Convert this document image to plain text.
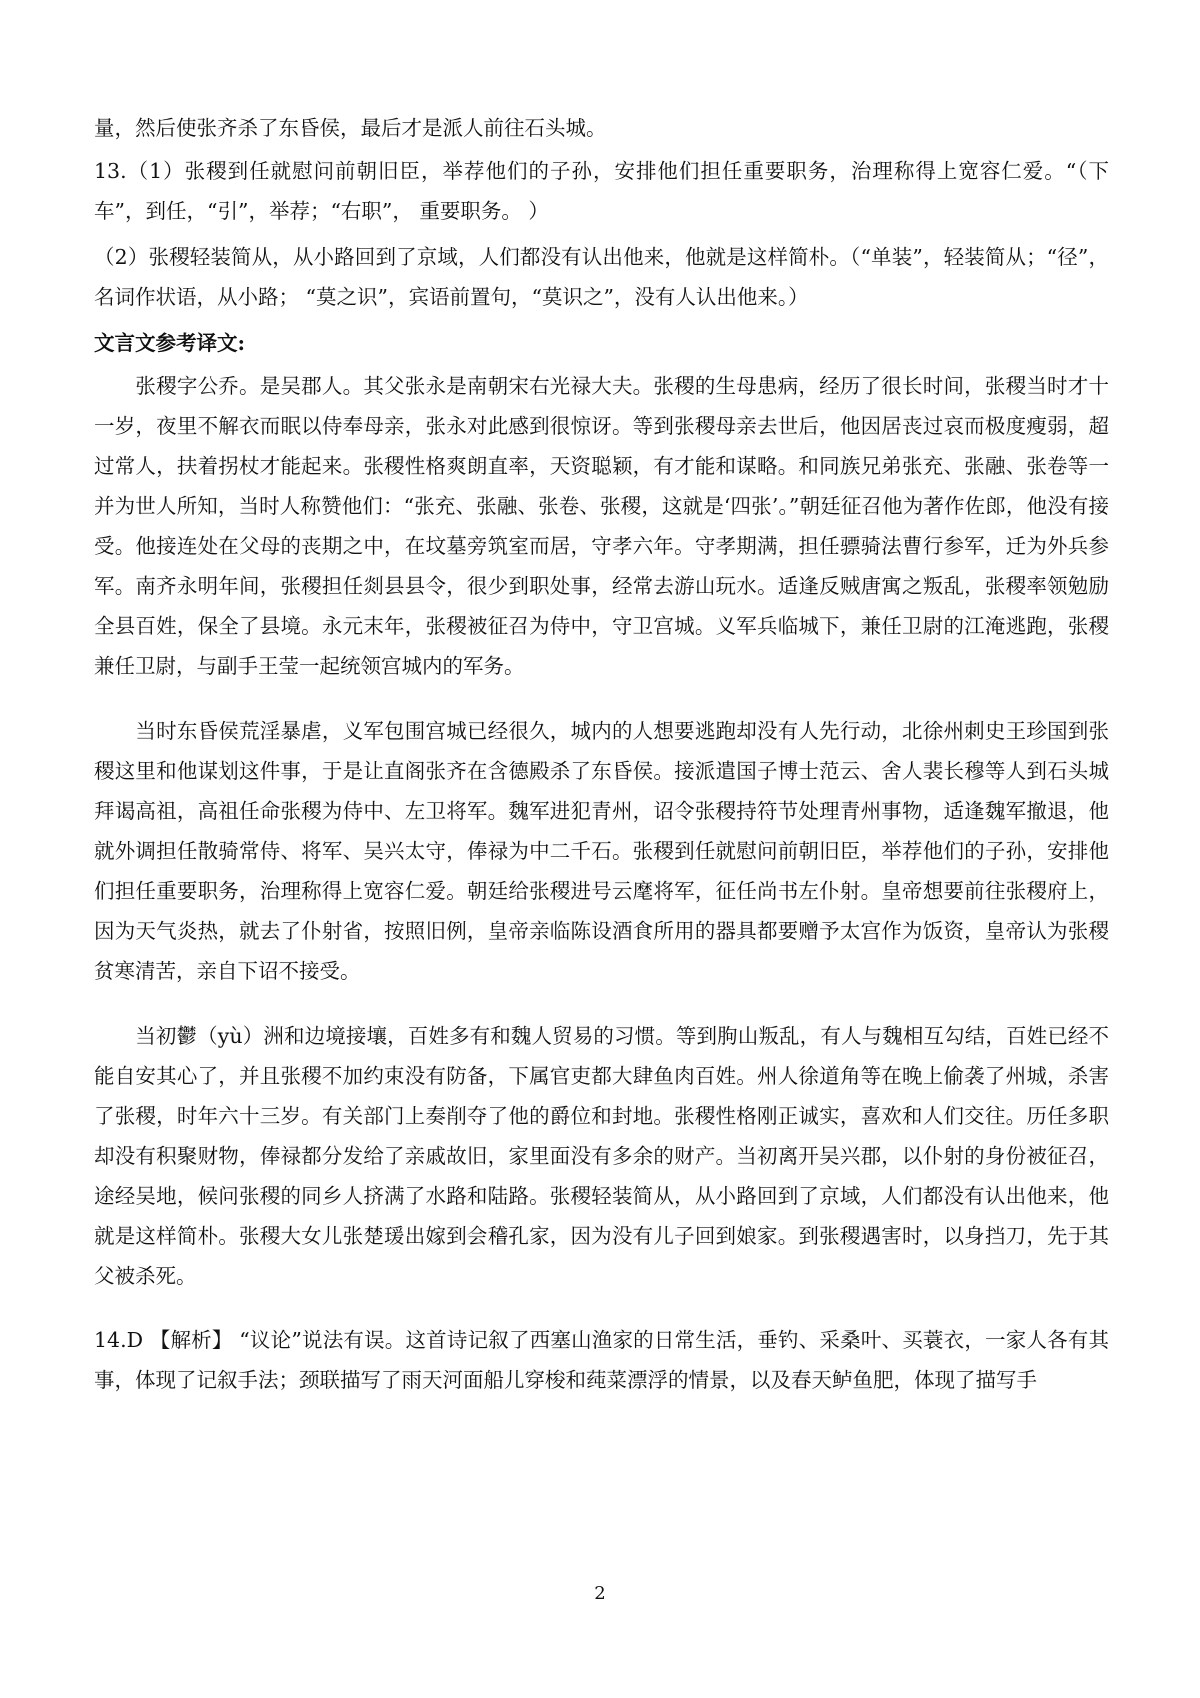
量，然后使张齐杀了东昏侯，最后才是派人前往石头城。

13.（1）张稷到任就慰问前朝旧臣，举荐他们的子孙，安排他们担任重要职务，治理称得上宽容仁爱。“（下车”，到任，“引”，举荐；“右职”， 重要职务。 ）

（2）张稷轻装简从，从小路回到了京域，人们都没有认出他来，他就是这样简朴。（“单装”，轻装简从；“径”，名词作状语，从小路； “莫之识”，宾语前置句，“莫识之”，没有人认出他来。）

文言文参考译文:

　　张稷字公乔。是吴郡人。其父张永是南朝宋右光禄大夫。张稷的生母患病，经历了很长时间，张稷当时才十一岁，夜里不解衣而眠以侍奉母亲，张永对此感到很惊讶。等到张稷母亲去世后，他因居丧过哀而极度瘦弱，超过常人，扶着拐杖才能起来。张稷性格爽朗直率，天资聪颖，有才能和谋略。和同族兄弟张充、张融、张卷等一并为世人所知，当时人称赞他们：“张充、张融、张卷、张稷，这就是‘四张’。”朝廷征召他为著作佐郎，他没有接受。他接连处在父母的丧期之中，在坟墓旁筑室而居，守孝六年。守孝期满，担任骠骑法曹行参军，迁为外兵参军。南齐永明年间，张稷担任剡县县令，很少到职处事，经常去游山玩水。适逢反贼唐寓之叛乱，张稷率领勉励全县百姓，保全了县境。永元末年，张稷被征召为侍中，守卫宫城。义军兵临城下，兼任卫尉的江淹逃跑，张稷兼任卫尉，与副手王莹一起统领宫城内的军务。

　　当时东昏侯荒淫暴虐，义军包围宫城已经很久，城内的人想要逃跑却没有人先行动，北徐州刺史王珍国到张稷这里和他谋划这件事，于是让直阁张齐在含德殿杀了东昏侯。接派遣国子博士范云、舍人裴长穆等人到石头城拜谒高祖，高祖任命张稷为侍中、左卫将军。魏军进犯青州，诏令张稷持符节处理青州事物，适逢魏军撤退，他就外调担任散骑常侍、将军、吴兴太守，俸禄为中二千石。张稷到任就慰问前朝旧臣，举荐他们的子孙，安排他们担任重要职务，治理称得上宽容仁爱。朝廷给张稷进号云麾将军，征任尚书左仆射。皇帝想要前往张稷府上，因为天气炎热，就去了仆射省，按照旧例，皇帝亲临陈设酒食所用的器具都要赠予太宫作为饭资，皇帝认为张稷贫寒清苦，亲自下诏不接受。

　　当初鬱（yù）洲和边境接壤，百姓多有和魏人贸易的习惯。等到朐山叛乱，有人与魏相互勾结，百姓已经不能自安其心了，并且张稷不加约束没有防备，下属官吏都大肆鱼肉百姓。州人徐道角等在晚上偷袭了州城，杀害了张稷，时年六十三岁。有关部门上奏削夺了他的爵位和封地。张稷性格刚正诚实，喜欢和人们交往。历任多职却没有积聚财物，俸禄都分发给了亲戚故旧，家里面没有多余的财产。当初离开吴兴郡，以仆射的身份被征召，途经吴地，候问张稷的同乡人挤满了水路和陆路。张稷轻装简从，从小路回到了京域，人们都没有认出他来，他就是这样简朴。张稷大女儿张楚瑗出嫁到会稽孔家，因为没有儿子回到娘家。到张稷遇害时，以身挡刀，先于其父被杀死。

14.D 【解析】 “议论”说法有误。这首诗记叙了西塞山渔家的日常生活，垂钓、采桑叶、买蓑衣，一家人各有其事，体现了记叙手法；颈联描写了雨天河面船儿穿梭和莼菜漂浮的情景，以及春天鲈鱼肥，体现了描写手

2
